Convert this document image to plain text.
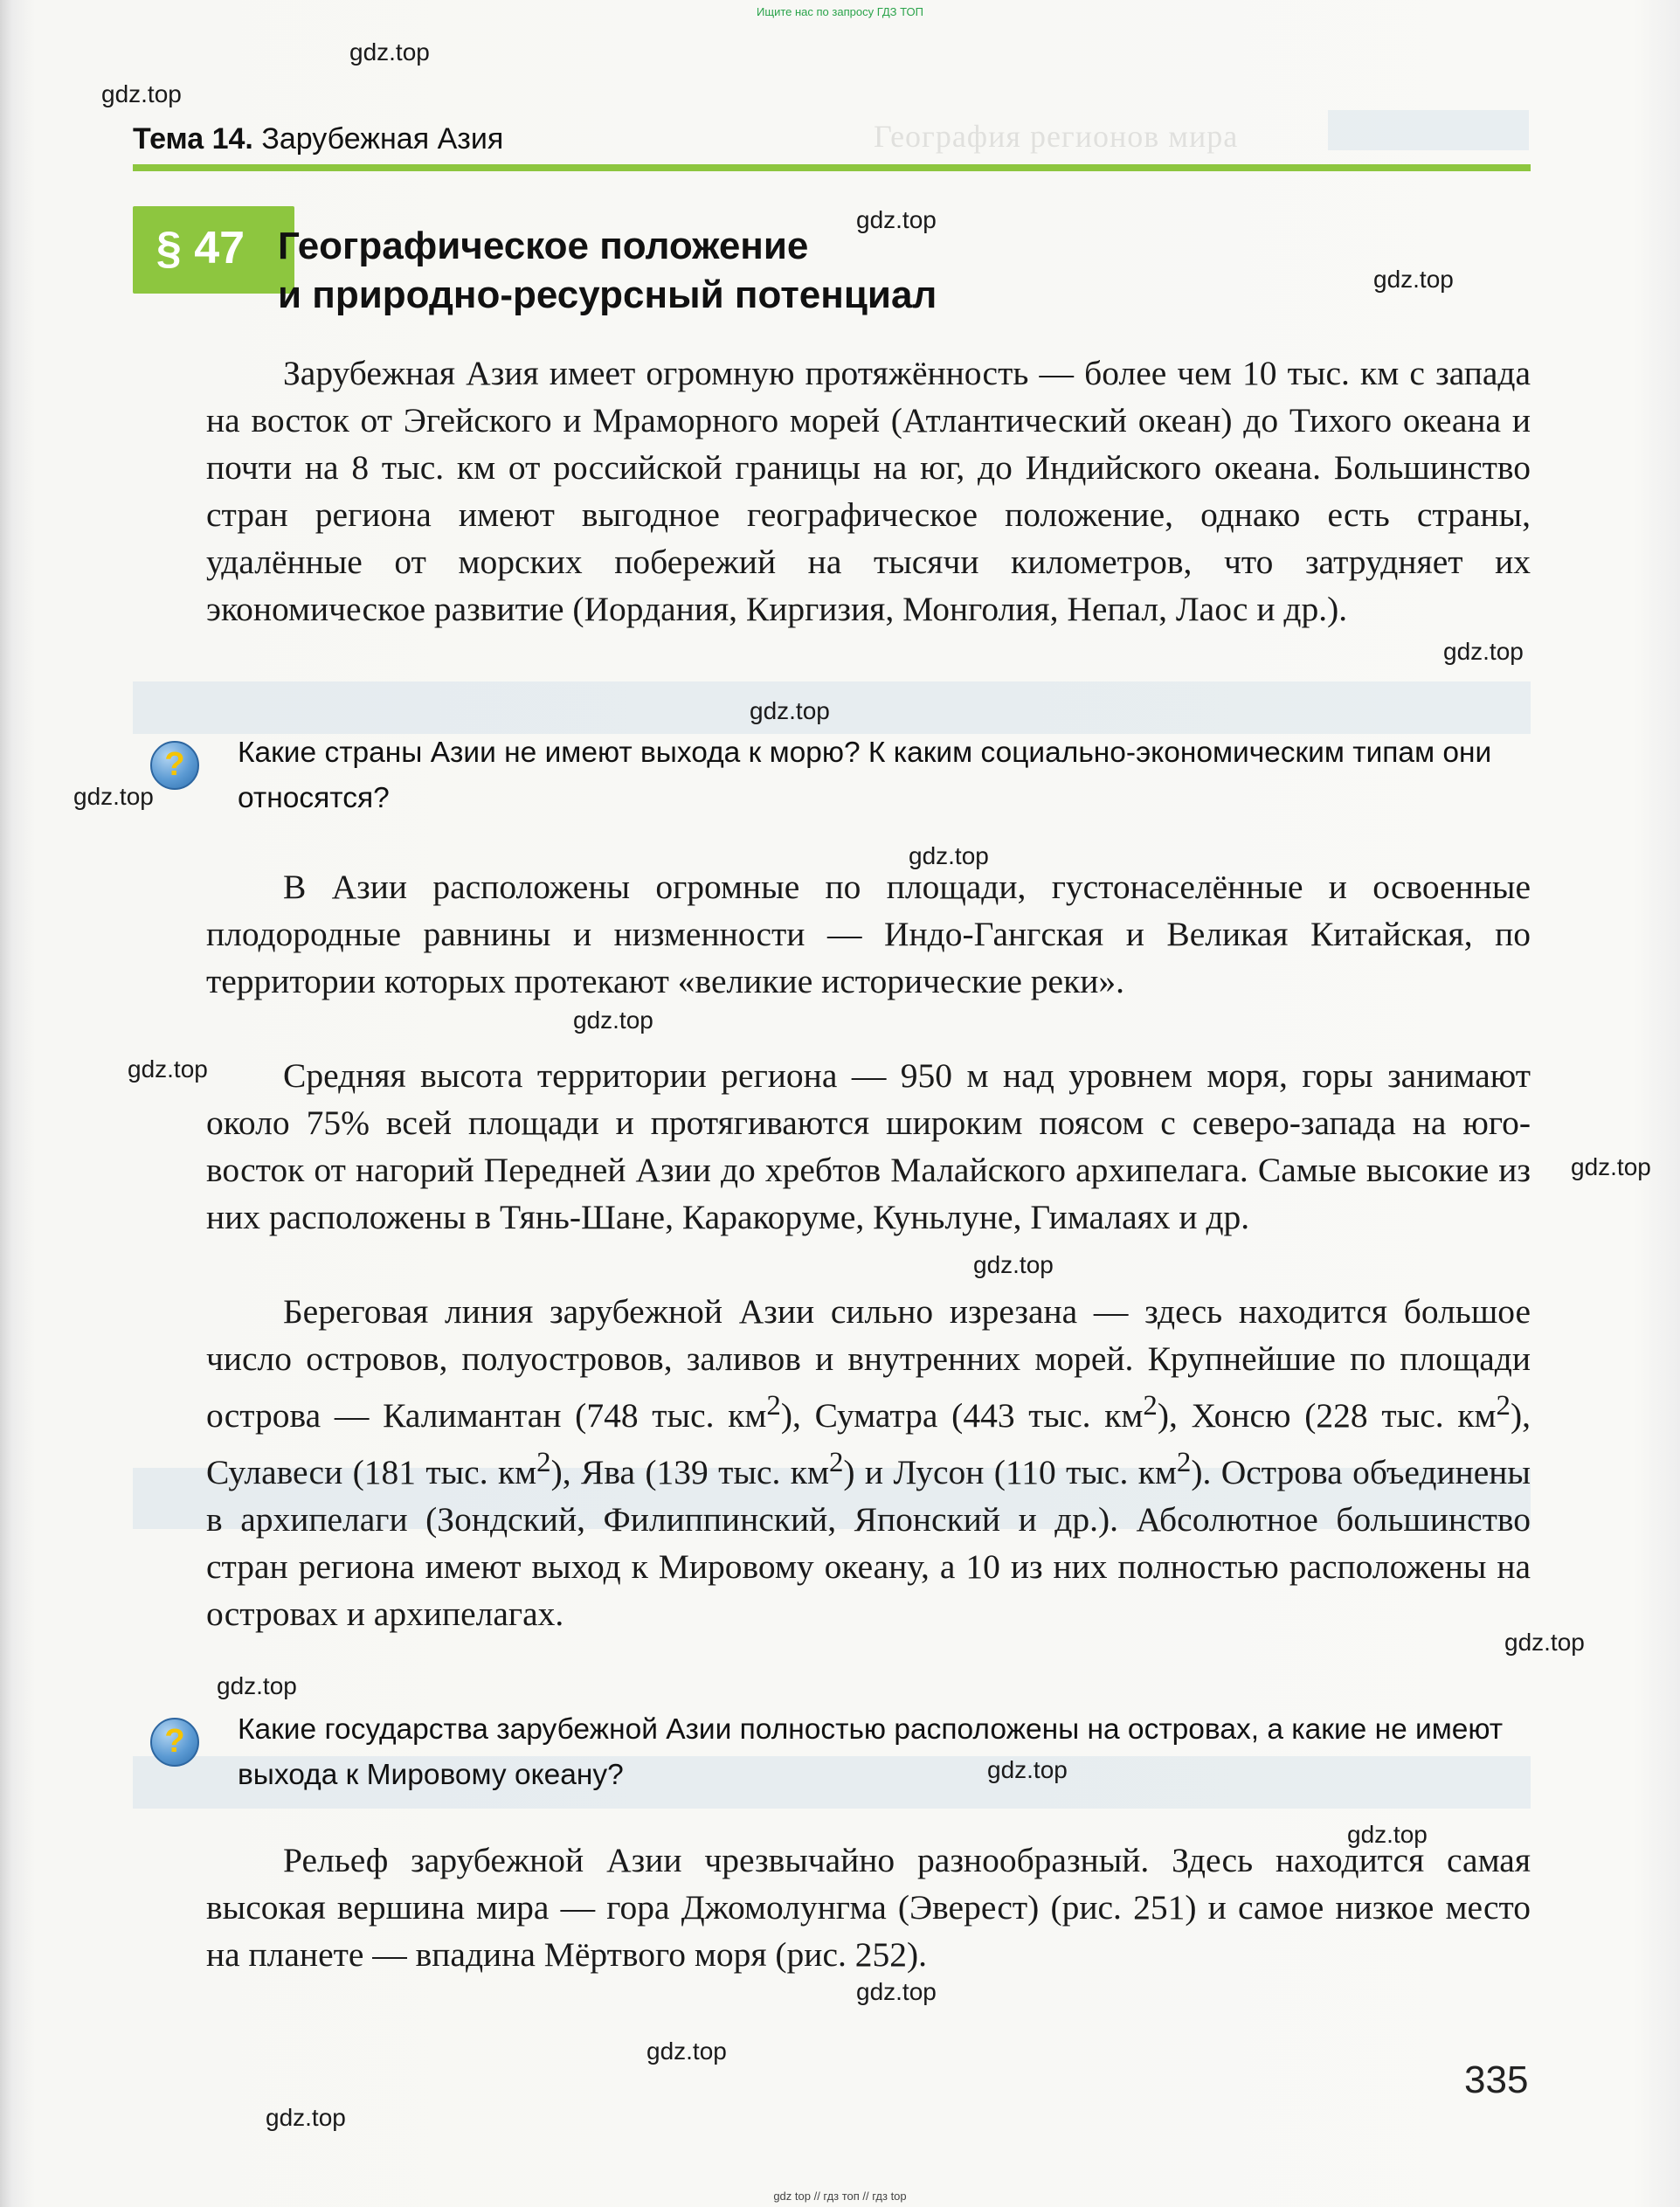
География регионов мира
Ищите нас по запросу ГДЗ ТОП
gdz.top
gdz.top
gdz.top
gdz.top
gdz.top
gdz.top
gdz.top
gdz.top
gdz.top
gdz.top
gdz.top
gdz.top
gdz.top
gdz.top
gdz.top
gdz.top
gdz.top
gdz.top
gdz.top
Тема 14. Зарубежная Азия
§ 47 Географическое положение
и природно-ресурсный потенциал

Зарубежная Азия имеет огромную протяжённость — более чем 10 тыс. км с запада на восток от Эгейского и Мраморного морей (Атлантический океан) до Тихого океана и почти на 8 тыс. км от российской границы на юг, до Индийского океана. Большинство стран региона имеют выгодное географическое положение, однако есть страны, удалённые от морских побережий на тысячи километров, что затрудняет их экономическое развитие (Иордания, Киргизия, Монголия, Непал, Лаос и др.).

?	Какие страны Азии не имеют выхода к морю? К каким социально-экономическим типам они относятся?

В Азии расположены огромные по площади, густонаселённые и освоенные плодородные равнины и низменности — Индо-Гангская и Великая Китайская, по территории которых протекают «великие исторические реки».

Средняя высота территории региона — 950 м над уровнем моря, горы занимают около 75% всей площади и протягиваются широким поясом с северо-запада на юго-восток от нагорий Передней Азии до хребтов Малайского архипелага. Самые высокие из них расположены в Тянь-Шане, Каракоруме, Куньлуне, Гималаях и др.

Береговая линия зарубежной Азии сильно изрезана — здесь находится большое число островов, полуостровов, заливов и внутренних морей. Крупнейшие по площади острова — Калимантан (748 тыс. $км^2$), Суматра (443 тыс. $км^2$), Хонсю (228 тыс. $км^2$), Сулавеси (181 тыс. $км^2$), Ява (139 тыс. $км^2$) и Лусон (110 тыс. $км^2$). Острова объединены в архипелаги (Зондский, Филиппинский, Японский и др.). Абсолютное большинство стран региона имеют выход к Мировому океану, а 10 из них полностью расположены на островах и архипелагах.

?	Какие государства зарубежной Азии полностью расположены на островах, а какие не имеют выхода к Мировому океану?

Рельеф зарубежной Азии чрезвычайно разнообразный. Здесь находится самая высокая вершина мира — гора Джомолунгма (Эверест) (рис. 251) и самое низкое место на планете — впадина Мёртвого моря (рис. 252).

335
gdz top // гдз топ // гдз top
